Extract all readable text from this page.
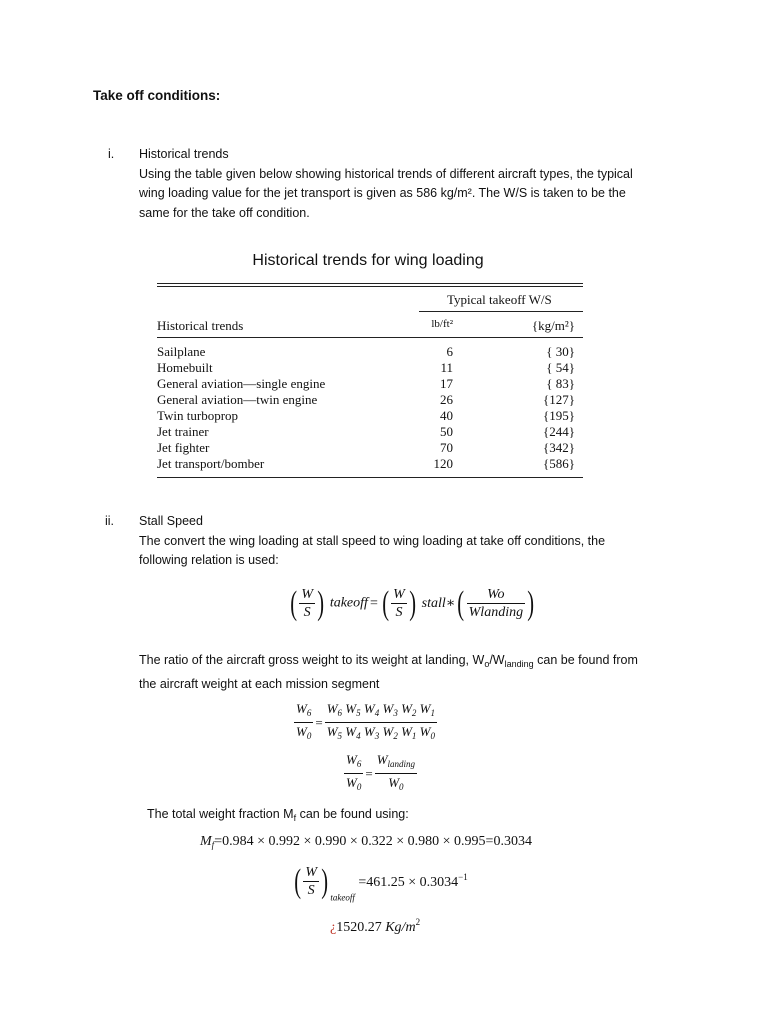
Take off conditions:
i. Historical trends
Using the table given below showing historical trends of different aircraft types, the typical
wing loading value for the jet transport is given as 586 kg/m². The W/S is taken to be the
same for the take off condition.
Historical trends for wing loading
Typical takeoff W/S
Historical trends	lb/ft²	{kg/m²}
Sailplane	6	{ 30}
Homebuilt	11	{ 54}
General aviation—single engine	17	{ 83}
General aviation—twin engine	26	{127}
Twin turboprop	40	{195}
Jet trainer	50	{244}
Jet fighter	70	{342}
Jet transport/bomber	120	{586}
ii. Stall Speed
The convert the wing loading at stall speed to wing loading at take off conditions, the
following relation is used:
( $\frac{W}{S}$ ) takeoff = ( $\frac{W}{S}$ ) stall∗( $\frac{Wo}{\text{Wlanding}}$ )
The ratio of the aircraft gross weight to its weight at landing, $W_o/W_{landing}$ can be found from
the aircraft weight at each mission segment
$\frac{W_6}{W_0} = \frac{W_6 W_5 W_4 W_3 W_2 W_1}{W_5 W_4 W_3 W_2 W_1 W_0}$
$\frac{W_6}{W_0} = \frac{W_{landing}}{W_0}$
The total weight fraction $M_f$ can be found using:
$M_f=0.984 \times 0.992 \times 0.990 \times 0.322 \times 0.980 \times 0.995=0.3034$
( $\frac{W}{S}$ ) $_{takeoff} =461.25 \times 0.3034^{-1}$
¿1520.27 $Kg/m^2$
